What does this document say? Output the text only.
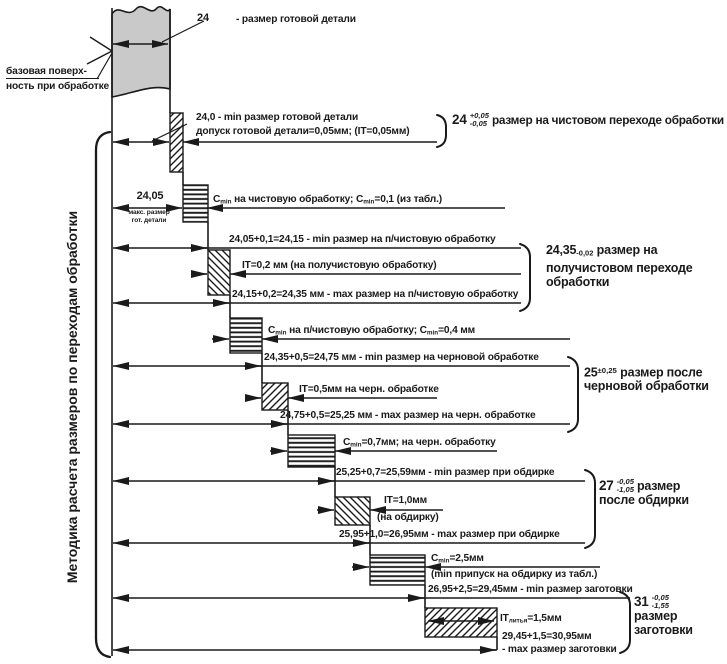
Методика расчета размеров по переходам обработки
24	- размер готовой детали
базовая поверх-
ность при обработке
24,0 - min размер готовой детали
допуск готовой детали=0,05мм; (IT=0,05мм)
24 +0,05
-0,05 размер на чистовом переходе обработки
24,05
макс. размер
гот. детали
$C_{min}$ на чистовую обработку; $C_{min}=0,1$ (из табл.)
24,05+0,1=24,15 - min размер на п/чистовую обработку
IT=0,2 мм (на получистовую обработку)
24,15+0,2=24,35 мм - max размер на п/чистовую обработку
$24,35_{-0,02}$ размер на
получистовом переходе
обработки
$C_{min}$ на п/чистовую обработку; $C_{min}=0,4$ мм
24,35+0,5=24,75 мм - min размер на черновой обработке
IT=0,5мм на черн. обработке
24,75+0,5=25,25 мм - max размер на черн. обработке
$25^{\pm 0,25}$ размер после
черновой обработки
$C_{min}=0,7мм$; на черн. обработку
25,25+0,7=25,59мм - min размер при обдирке
IT=1,0мм
(на обдирку)
25,95+1,0=26,95мм - max размер при обдирке
27 -0,05
-1,05 размер
после обдирки
$C_{min}=2,5мм$
(min припуск на обдирку из табл.)
26,95+2,5=29,45мм - min размер заготовки
$IT_{литья}=1,5мм$
29,45+1,5=30,95мм
- max размер заготовки
31 -0,05
-1,55
размер
заготовки
